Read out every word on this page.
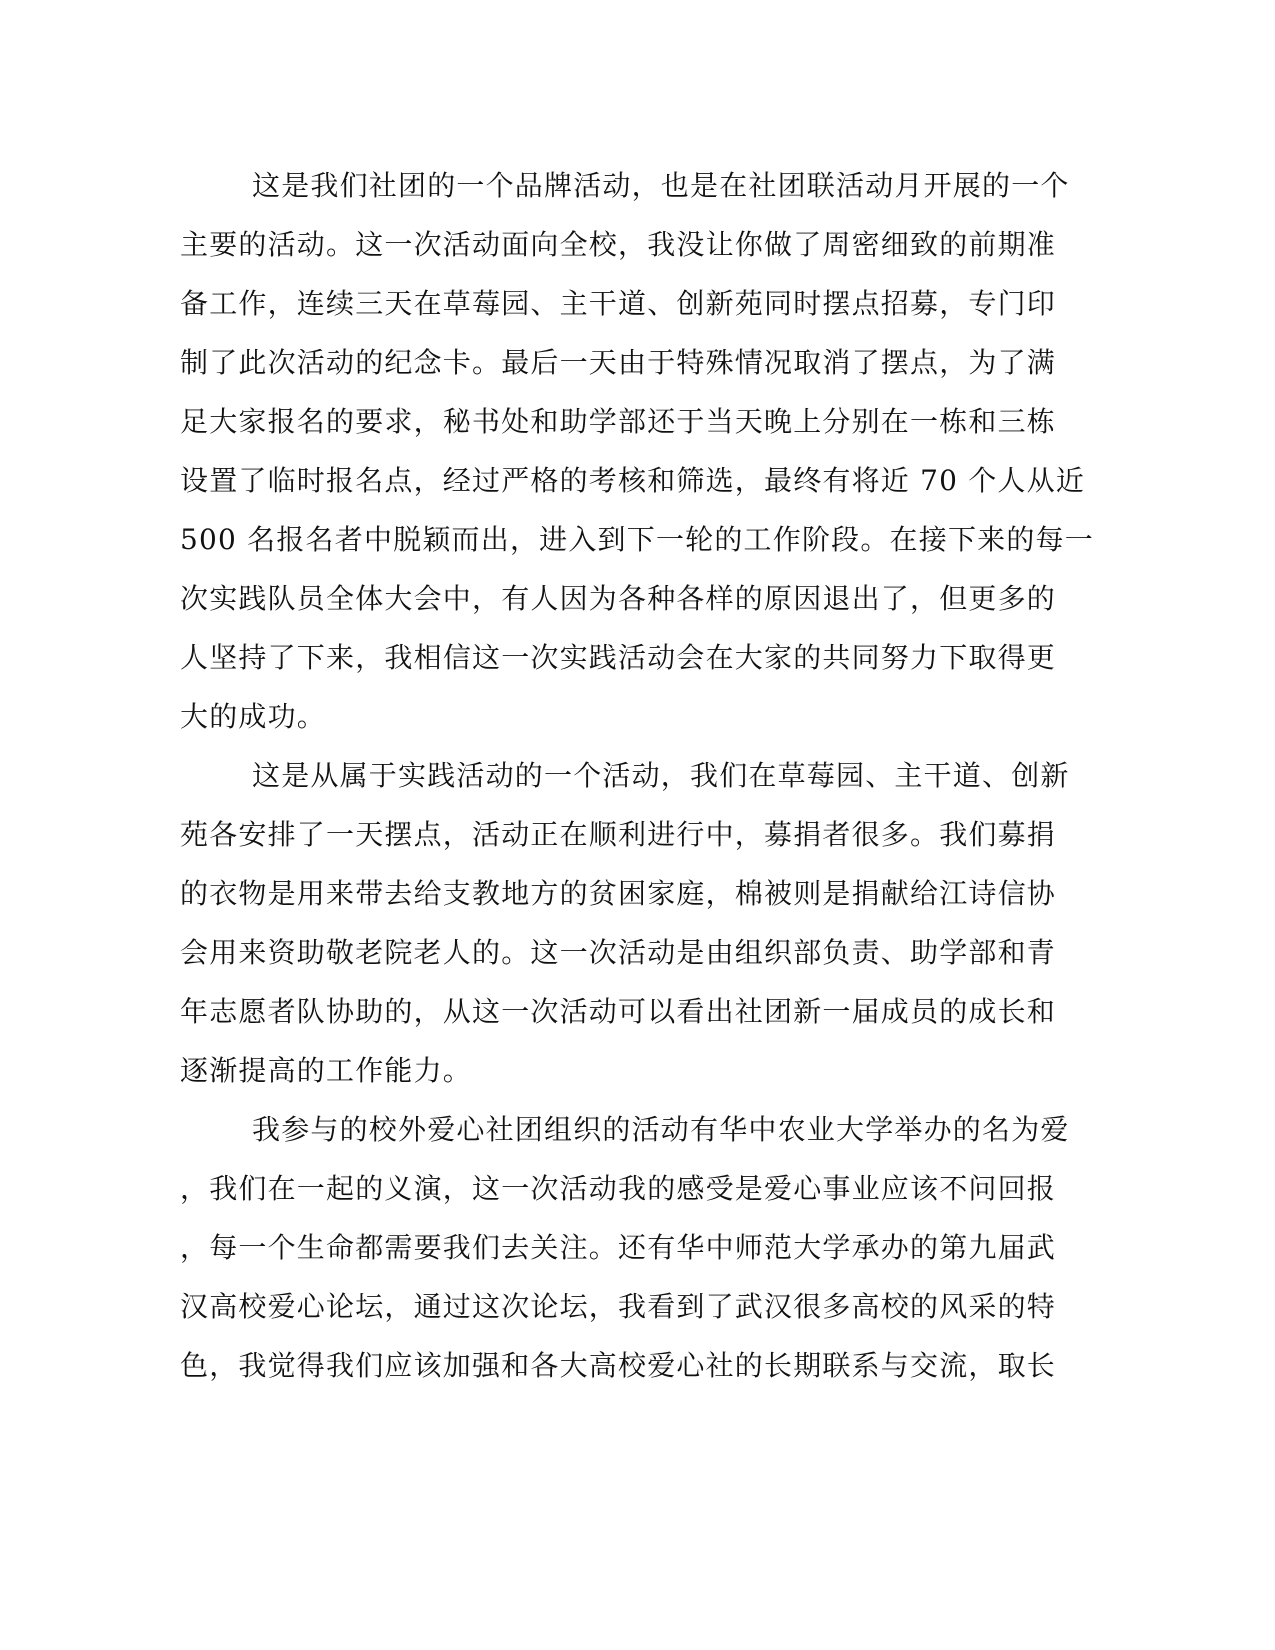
这是我们社团的一个品牌活动，也是在社团联活动月开展的一个
主要的活动。这一次活动面向全校，我没让你做了周密细致的前期准
备工作，连续三天在草莓园、主干道、创新苑同时摆点招募，专门印
制了此次活动的纪念卡。最后一天由于特殊情况取消了摆点，为了满
足大家报名的要求，秘书处和助学部还于当天晚上分别在一栋和三栋
设置了临时报名点，经过严格的考核和筛选，最终有将近 70 个人从近
500 名报名者中脱颖而出，进入到下一轮的工作阶段。在接下来的每一
次实践队员全体大会中，有人因为各种各样的原因退出了，但更多的
人坚持了下来，我相信这一次实践活动会在大家的共同努力下取得更
大的成功。
这是从属于实践活动的一个活动，我们在草莓园、主干道、创新
苑各安排了一天摆点，活动正在顺利进行中，募捐者很多。我们募捐
的衣物是用来带去给支教地方的贫困家庭，棉被则是捐献给江诗信协
会用来资助敬老院老人的。这一次活动是由组织部负责、助学部和青
年志愿者队协助的，从这一次活动可以看出社团新一届成员的成长和
逐渐提高的工作能力。
我参与的校外爱心社团组织的活动有华中农业大学举办的名为爱
，我们在一起的义演，这一次活动我的感受是爱心事业应该不问回报
，每一个生命都需要我们去关注。还有华中师范大学承办的第九届武
汉高校爱心论坛，通过这次论坛，我看到了武汉很多高校的风采的特
色，我觉得我们应该加强和各大高校爱心社的长期联系与交流，取长
